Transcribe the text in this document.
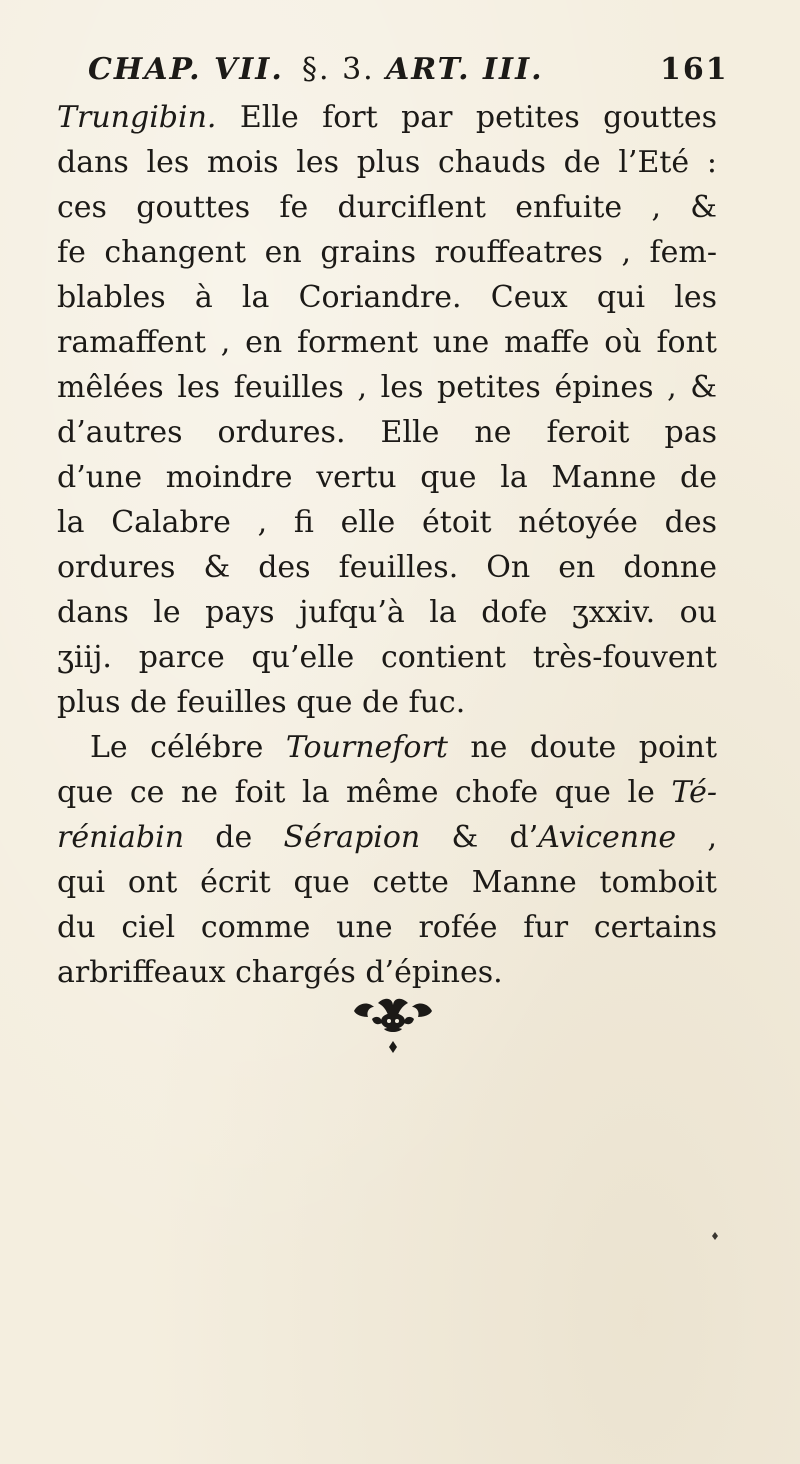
CHAP. VII. §. 3. ART. III.	161
Trungibin. Elle fort par petites gouttes
dans les mois les plus chauds de l’Eté :
ces gouttes fe durciflent enfuite , &
fe changent en grains rouffeatres , fem-
blables à la Coriandre. Ceux qui les
ramaffent , en forment une maffe où font
mêlées les feuilles , les petites épines , &
d’autres ordures. Elle ne feroit pas
d’une moindre vertu que la Manne de
la Calabre , fi elle étoit nétoyée des
ordures & des feuilles. On en donne
dans le pays jufqu’à la dofe ʒxxiv. ou
ʒiij. parce qu’elle contient très-fouvent
plus de feuilles que de fuc.
Le célébre Tournefort ne doute point
que ce ne foit la même chofe que le Té-
réniabin de Sérapion & d’Avicenne ,
qui ont écrit que cette Manne tomboit
du ciel comme une rofée fur certains
arbriffeaux chargés d’épines.
